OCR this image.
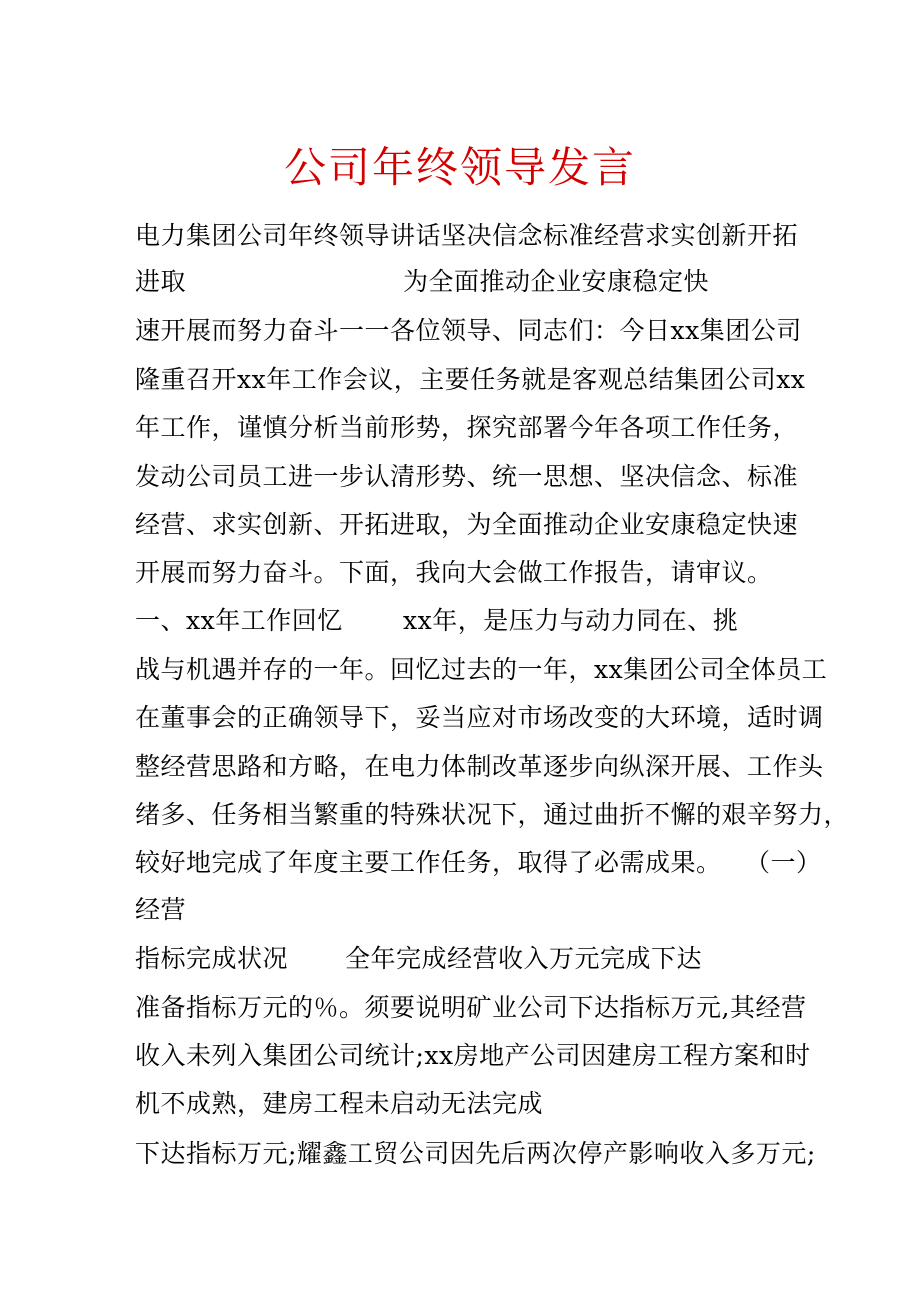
公司年终领导发言
电力集团公司年终领导讲话坚决信念标准经营求实创新开拓
进取	为全面推动企业安康稳定快
速开展而努力奋斗一一各位领导、同志们：今日xx集团公司
隆重召开xx年工作会议，主要任务就是客观总结集团公司xx
年工作，谨慎分析当前形势，探究部署今年各项工作任务，
发动公司员工进一步认清形势、统一思想、坚决信念、标准
经营、求实创新、开拓进取，为全面推动企业安康稳定快速
开展而努力奋斗。下面，我向大会做工作报告，请审议。
一、xx年工作回忆 xx年，是压力与动力同在、挑
战与机遇并存的一年。回忆过去的一年，xx集团公司全体员工
在董事会的正确领导下，妥当应对市场改变的大环境，适时调
整经营思路和方略，在电力体制改革逐步向纵深开展、工作头
绪多、任务相当繁重的特殊状况下，通过曲折不懈的艰辛努力，
较好地完成了年度主要工作任务，取得了必需成果。 （一）
经营
指标完成状况 全年完成经营收入万元完成下达
准备指标万元的％。须要说明矿业公司下达指标万元,其经营
收入未列入集团公司统计;xx房地产公司因建房工程方案和时
机不成熟，建房工程未启动无法完成
下达指标万元;耀鑫工贸公司因先后两次停产影响收入多万元;
